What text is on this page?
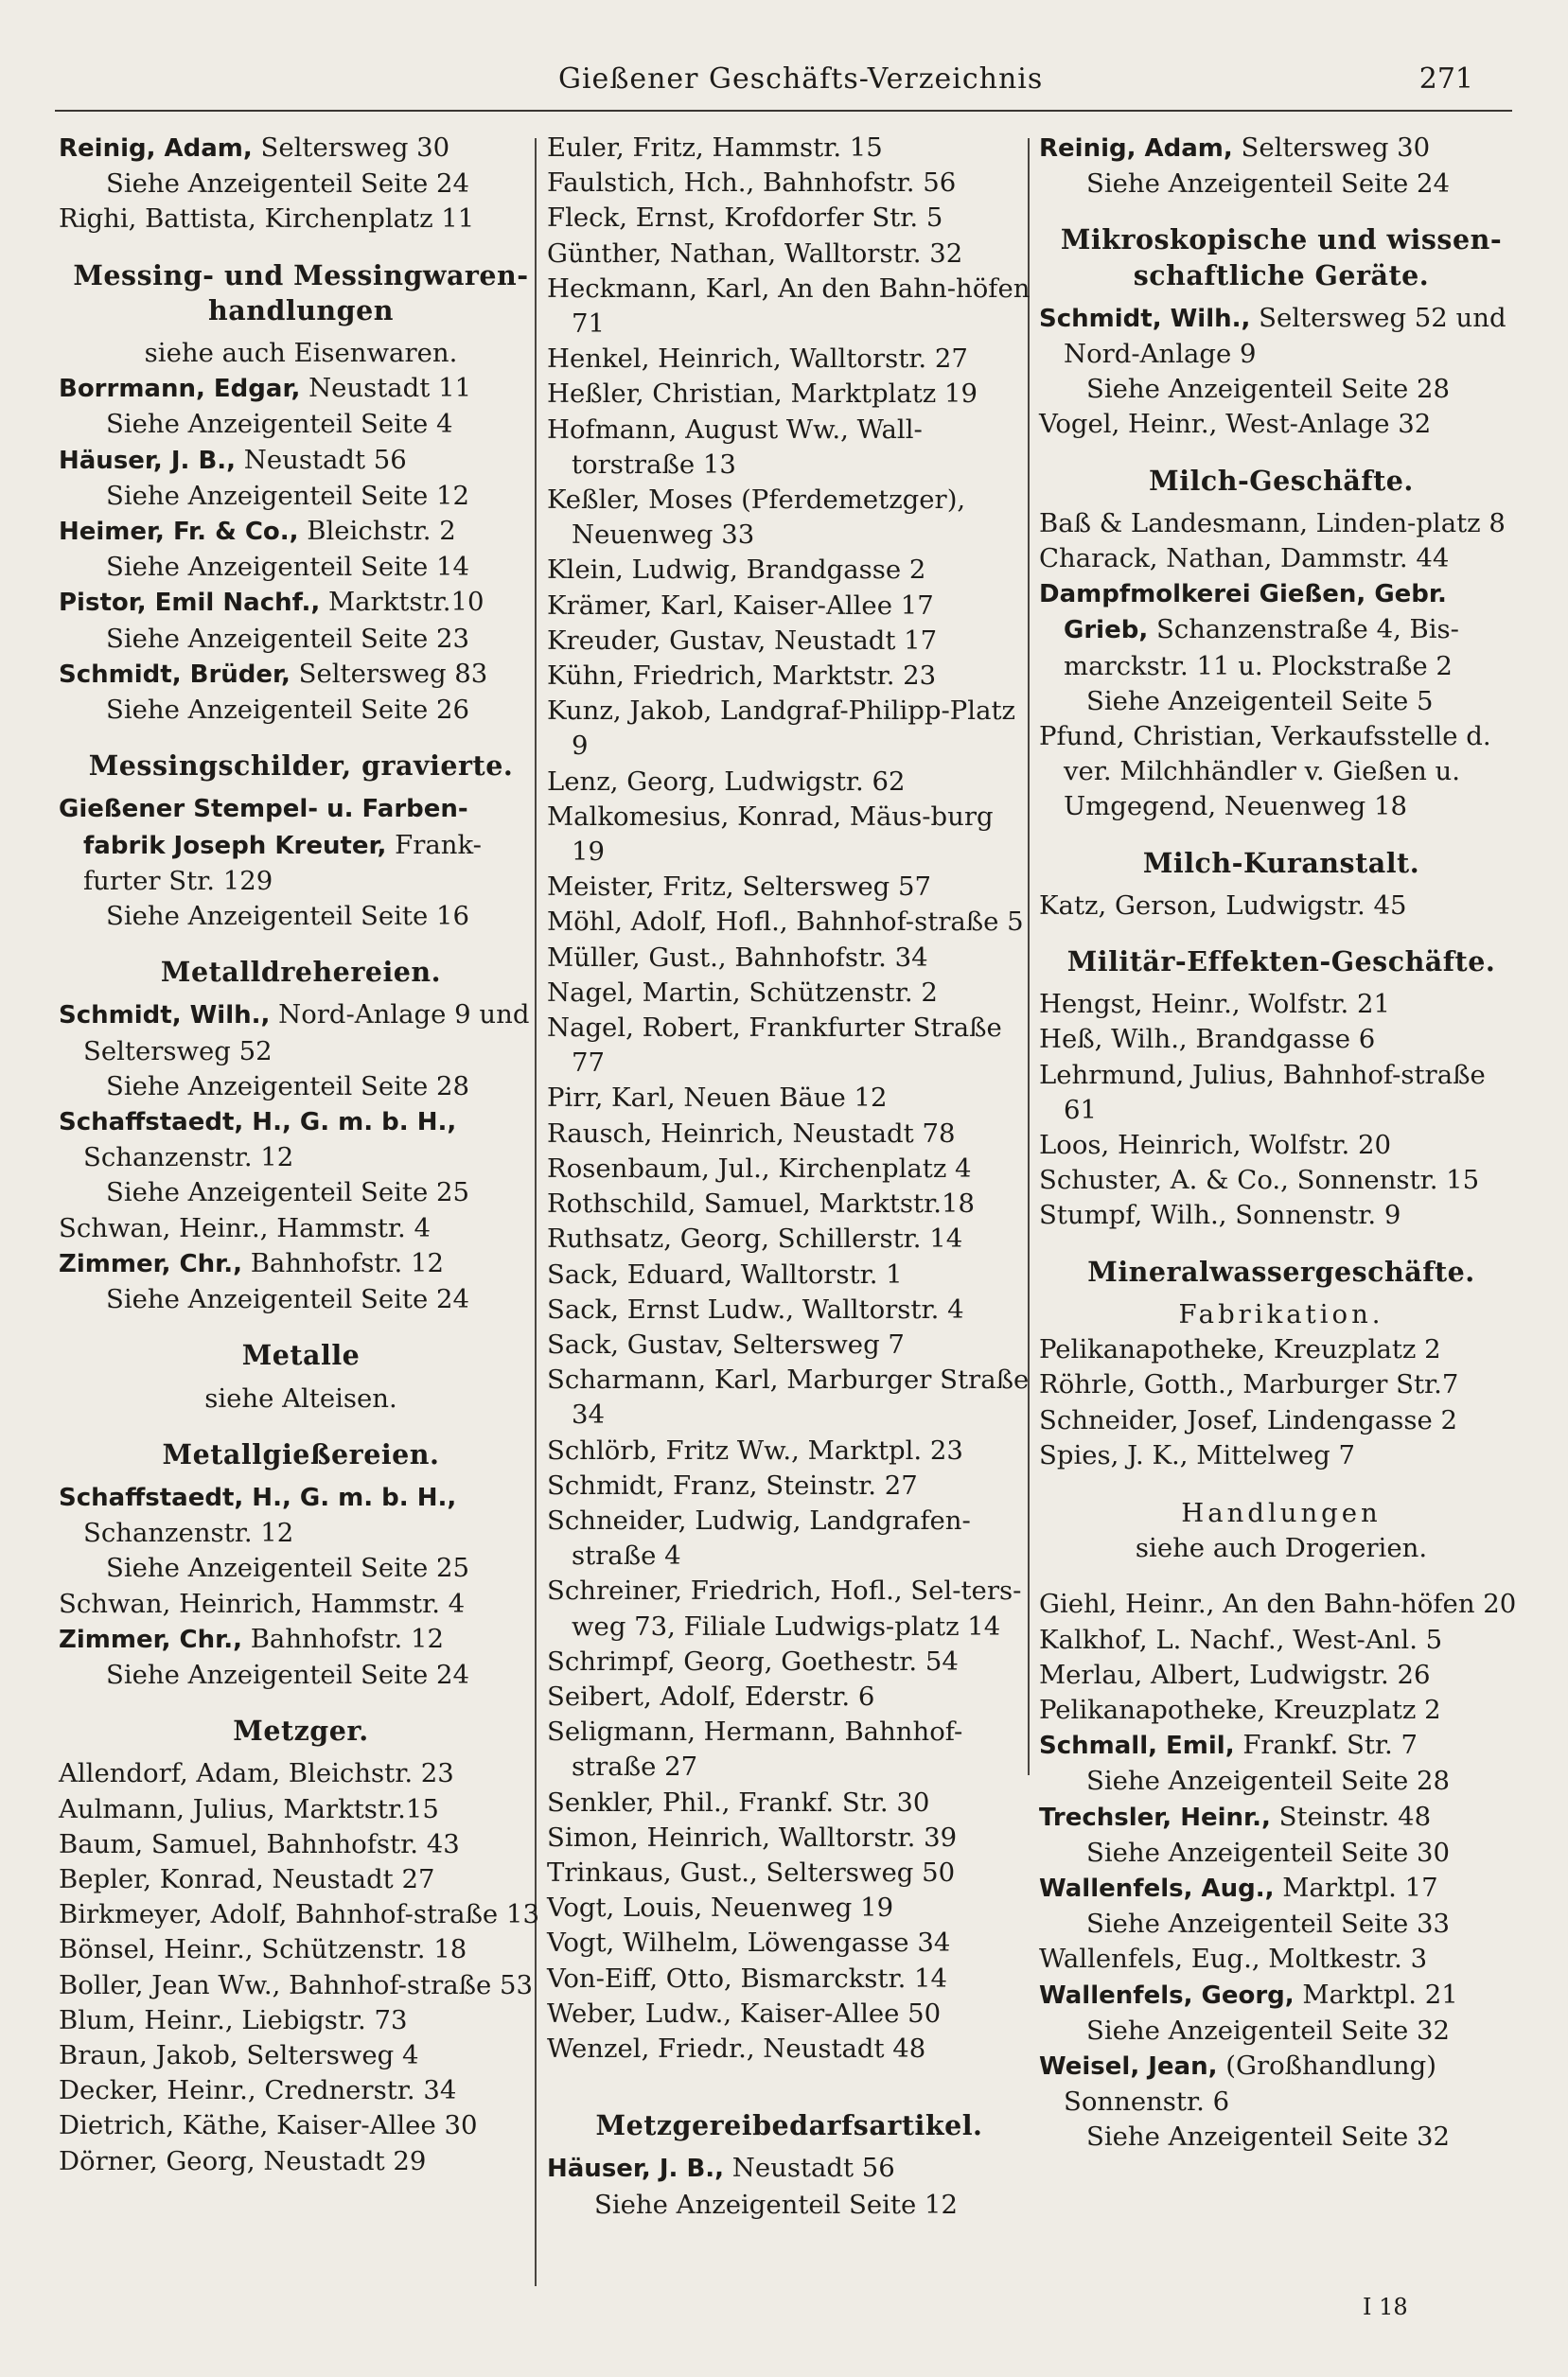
Gießener Geschäfts-Verzeichnis	271
Reinig, Adam, Seltersweg 30
Siehe Anzeigenteil Seite 24
Righi, Battista, Kirchenplatz 11
Messing- und Messingwaren-handlungen
siehe auch Eisenwaren.
Borrmann, Edgar, Neustadt 11
Siehe Anzeigenteil Seite 4
Häuser, J. B., Neustadt 56
Siehe Anzeigenteil Seite 12
Heimer, Fr. & Co., Bleichstr. 2
Siehe Anzeigenteil Seite 14
Pistor, Emil Nachf., Marktstr.10
Siehe Anzeigenteil Seite 23
Schmidt, Brüder, Seltersweg 83
Siehe Anzeigenteil Seite 26
Messingschilder, gravierte.
Gießener Stempel- u. Farben-fabrik Joseph Kreuter, Frank-furter Str. 129
Siehe Anzeigenteil Seite 16
Metalldrehereien.
Schmidt, Wilh., Nord-Anlage 9 und Seltersweg 52
Siehe Anzeigenteil Seite 28
Schaffstaedt, H., G. m. b. H., Schanzenstr. 12
Siehe Anzeigenteil Seite 25
Schwan, Heinr., Hammstr. 4
Zimmer, Chr., Bahnhofstr. 12
Siehe Anzeigenteil Seite 24
Metalle
siehe Alteisen.
Metallgießereien.
Schaffstaedt, H., G. m. b. H., Schanzenstr. 12
Siehe Anzeigenteil Seite 25
Schwan, Heinrich, Hammstr. 4
Zimmer, Chr., Bahnhofstr. 12
Siehe Anzeigenteil Seite 24
Metzger.
Allendorf, Adam, Bleichstr. 23
Aulmann, Julius, Marktstr.15
Baum, Samuel, Bahnhofstr. 43
Bepler, Konrad, Neustadt 27
Birkmeyer, Adolf, Bahnhof-straße 13
Bönsel, Heinr., Schützenstr. 18
Boller, Jean Ww., Bahnhof-straße 53
Blum, Heinr., Liebigstr. 73
Braun, Jakob, Seltersweg 4
Decker, Heinr., Crednerstr. 34
Dietrich, Käthe, Kaiser-Allee 30
Dörner, Georg, Neustadt 29
Euler, Fritz, Hammstr. 15
Faulstich, Hch., Bahnhofstr. 56
Fleck, Ernst, Krofdorfer Str. 5
Günther, Nathan, Walltorstr. 32
Heckmann, Karl, An den Bahn-höfen 71
Henkel, Heinrich, Walltorstr. 27
Heßler, Christian, Marktplatz 19
Hofmann, August Ww., Wall-torstraße 13
Keßler, Moses (Pferdemetzger), Neuenweg 33
Klein, Ludwig, Brandgasse 2
Krämer, Karl, Kaiser-Allee 17
Kreuder, Gustav, Neustadt 17
Kühn, Friedrich, Marktstr. 23
Kunz, Jakob, Landgraf-Philipp-Platz 9
Lenz, Georg, Ludwigstr. 62
Malkomesius, Konrad, Mäus-burg 19
Meister, Fritz, Seltersweg 57
Möhl, Adolf, Hofl., Bahnhof-straße 5
Müller, Gust., Bahnhofstr. 34
Nagel, Martin, Schützenstr. 2
Nagel, Robert, Frankfurter Straße 77
Pirr, Karl, Neuen Bäue 12
Rausch, Heinrich, Neustadt 78
Rosenbaum, Jul., Kirchenplatz 4
Rothschild, Samuel, Marktstr.18
Ruthsatz, Georg, Schillerstr. 14
Sack, Eduard, Walltorstr. 1
Sack, Ernst Ludw., Walltorstr. 4
Sack, Gustav, Seltersweg 7
Scharmann, Karl, Marburger Straße 34
Schlörb, Fritz Ww., Marktpl. 23
Schmidt, Franz, Steinstr. 27
Schneider, Ludwig, Landgrafen-straße 4
Schreiner, Friedrich, Hofl., Sel-tersweg 73, Filiale Ludwigs-platz 14
Schrimpf, Georg, Goethestr. 54
Seibert, Adolf, Ederstr. 6
Seligmann, Hermann, Bahnhof-straße 27
Senkler, Phil., Frankf. Str. 30
Simon, Heinrich, Walltorstr. 39
Trinkaus, Gust., Seltersweg 50
Vogt, Louis, Neuenweg 19
Vogt, Wilhelm, Löwengasse 34
Von-Eiff, Otto, Bismarckstr. 14
Weber, Ludw., Kaiser-Allee 50
Wenzel, Friedr., Neustadt 48
Metzgereibedarfsartikel.
Häuser, J. B., Neustadt 56
Siehe Anzeigenteil Seite 12
Reinig, Adam, Seltersweg 30
Siehe Anzeigenteil Seite 24
Mikroskopische und wissen-schaftliche Geräte.
Schmidt, Wilh., Seltersweg 52 und Nord-Anlage 9
Siehe Anzeigenteil Seite 28
Vogel, Heinr., West-Anlage 32
Milch-Geschäfte.
Baß & Landesmann, Linden-platz 8
Charack, Nathan, Dammstr. 44
Dampfmolkerei Gießen, Gebr. Grieb, Schanzenstraße 4, Bis-marckstr. 11 u. Plockstraße 2
Siehe Anzeigenteil Seite 5
Pfund, Christian, Verkaufsstelle d. ver. Milchhändler v. Gießen u. Umgegend, Neuenweg 18
Milch-Kuranstalt.
Katz, Gerson, Ludwigstr. 45
Militär-Effekten-Geschäfte.
Hengst, Heinr., Wolfstr. 21
Heß, Wilh., Brandgasse 6
Lehrmund, Julius, Bahnhof-straße 61
Loos, Heinrich, Wolfstr. 20
Schuster, A. & Co., Sonnenstr. 15
Stumpf, Wilh., Sonnenstr. 9
Mineralwassergeschäfte.
Fabrikation.
Pelikanapotheke, Kreuzplatz 2
Röhrle, Gotth., Marburger Str.7
Schneider, Josef, Lindengasse 2
Spies, J. K., Mittelweg 7
Handlungen
siehe auch Drogerien.
Giehl, Heinr., An den Bahn-höfen 20
Kalkhof, L. Nachf., West-Anl. 5
Merlau, Albert, Ludwigstr. 26
Pelikanapotheke, Kreuzplatz 2
Schmall, Emil, Frankf. Str. 7
Siehe Anzeigenteil Seite 28
Trechsler, Heinr., Steinstr. 48
Siehe Anzeigenteil Seite 30
Wallenfels, Aug., Marktpl. 17
Siehe Anzeigenteil Seite 33
Wallenfels, Eug., Moltkestr. 3
Wallenfels, Georg, Marktpl. 21
Siehe Anzeigenteil Seite 32
Weisel, Jean, (Großhandlung) Sonnenstr. 6
Siehe Anzeigenteil Seite 32
I 18
